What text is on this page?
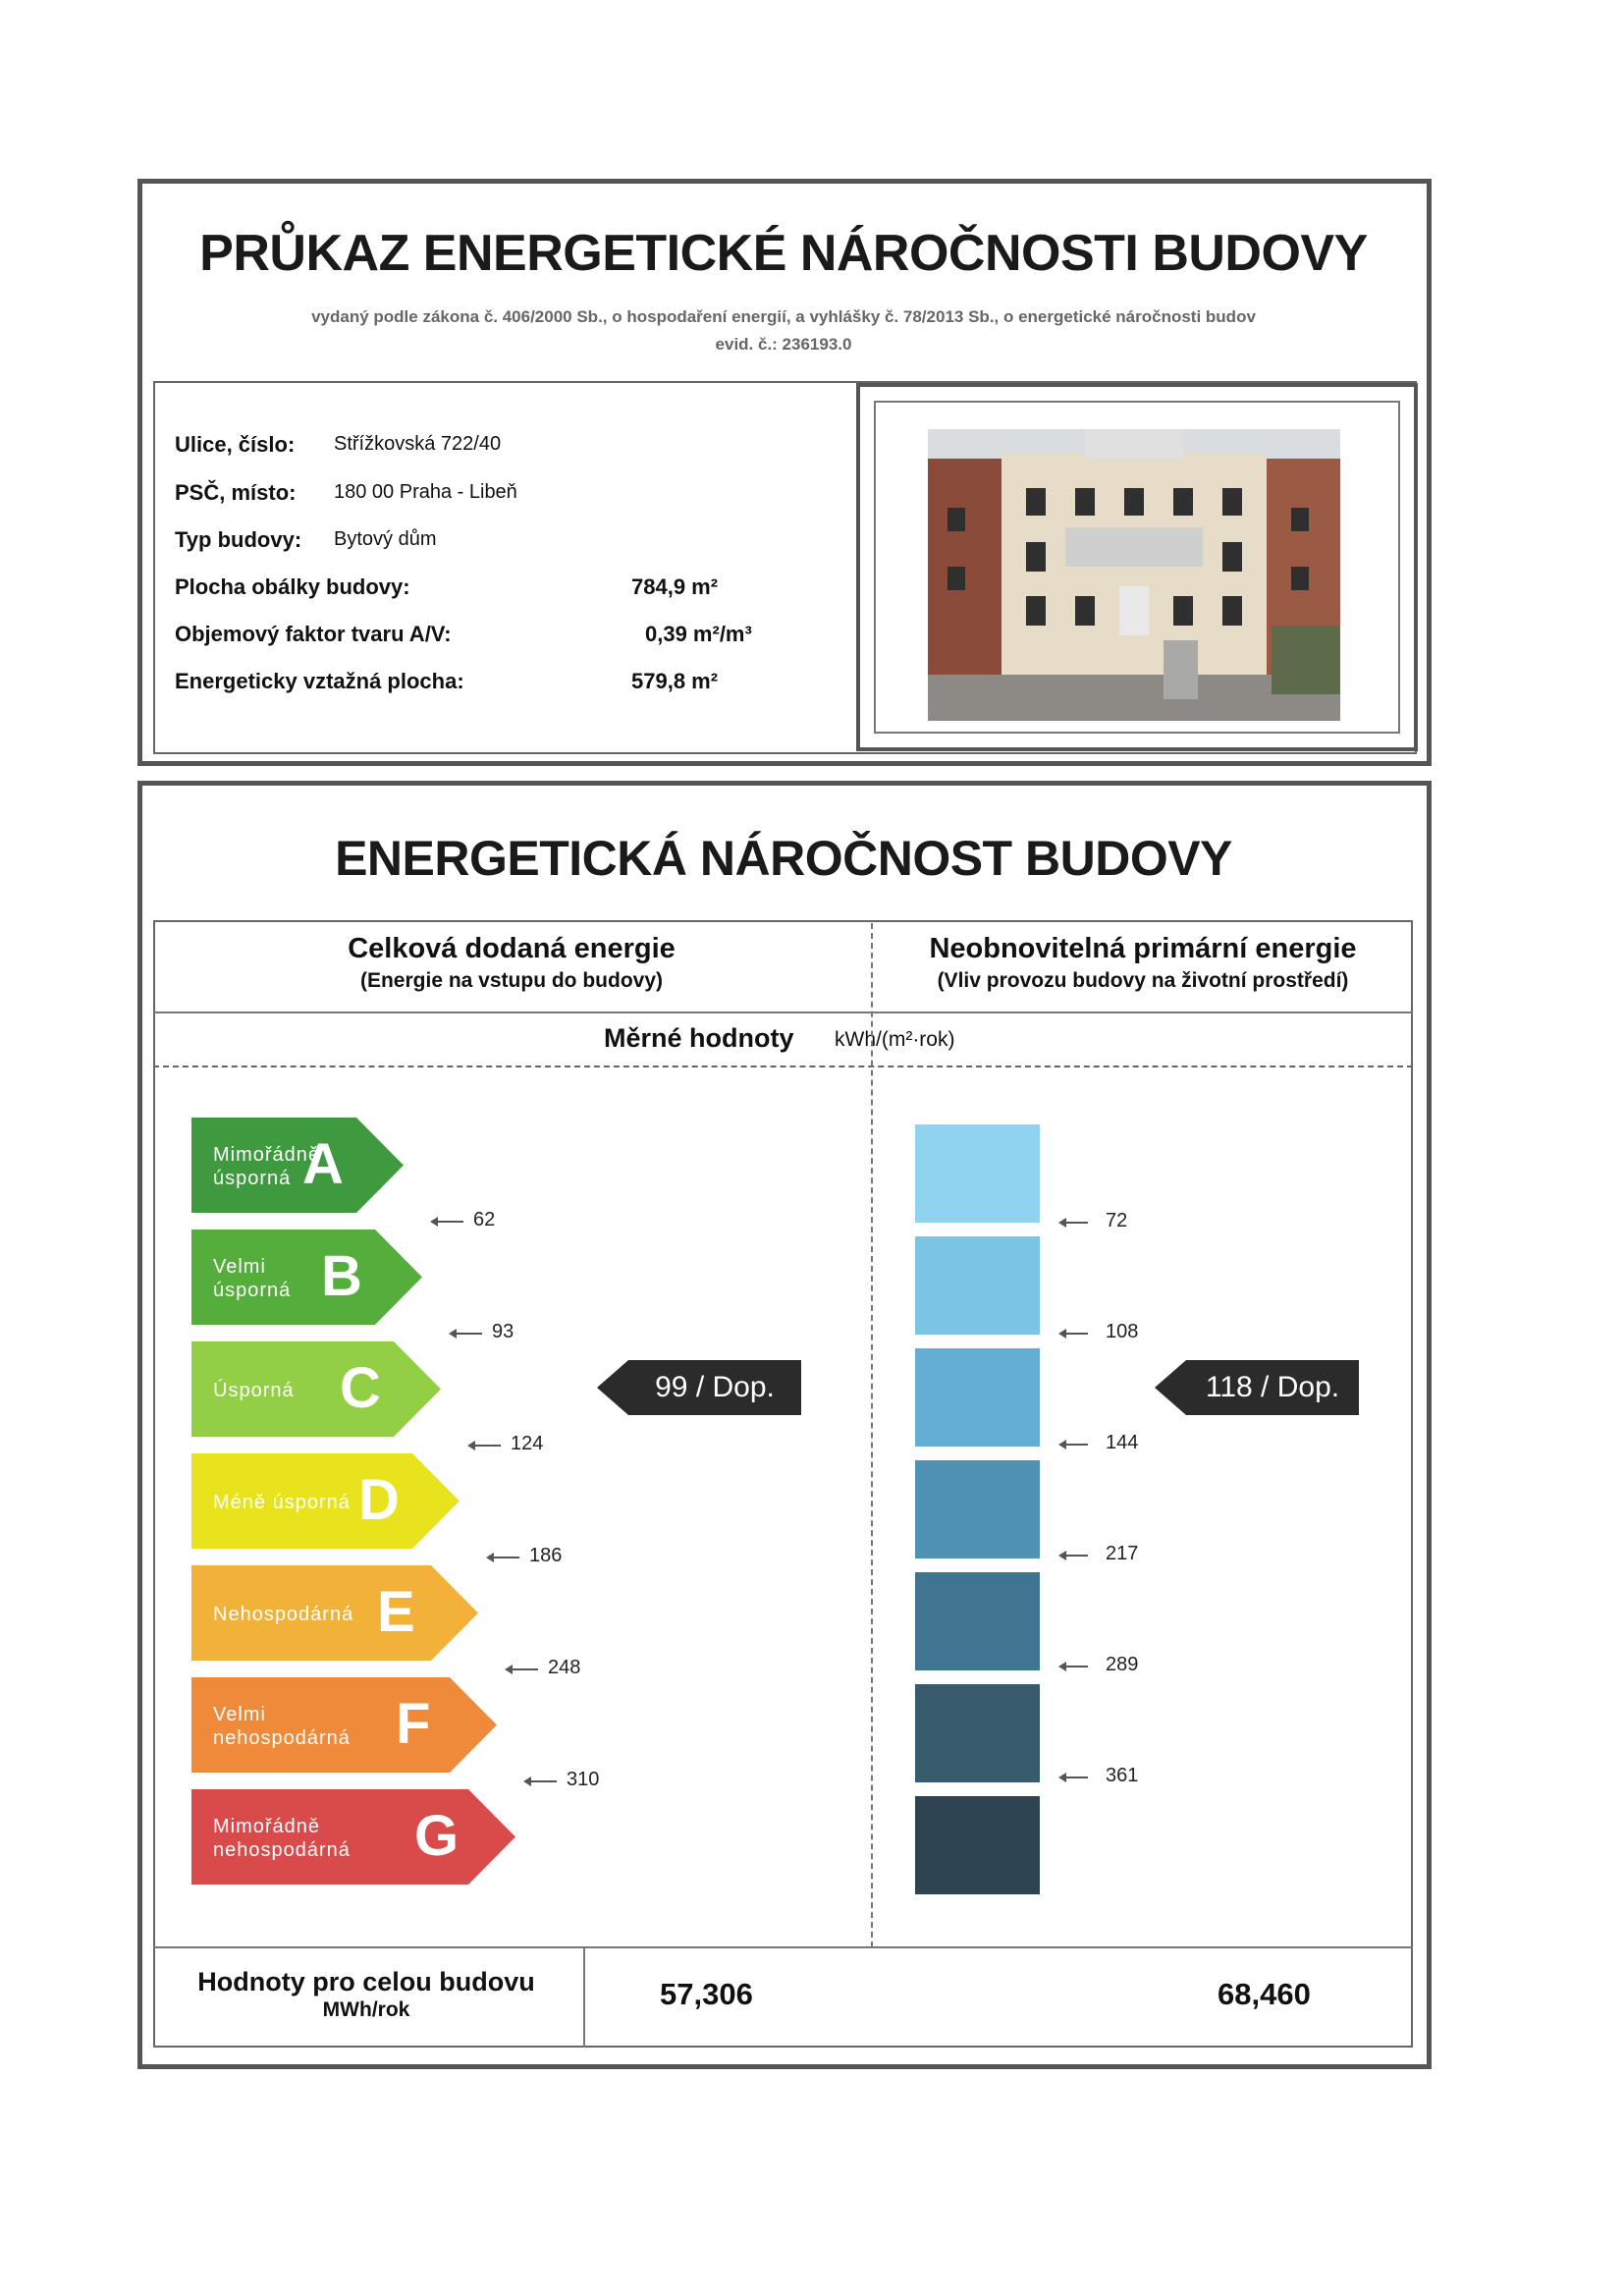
PRŮKAZ ENERGETICKÉ NÁROČNOSTI BUDOVY
vydaný podle zákona č. 406/2000 Sb., o hospodaření energií, a vyhlášky č. 78/2013 Sb., o energetické náročnosti budov
evid. č.: 236193.0
Ulice, číslo: Střížkovská 722/40
PSČ, místo: 180 00 Praha - Libeň
Typ budovy: Bytový dům
Plocha obálky budovy:	784,9 m²
Objemový faktor tvaru A/V:	0,39 m²/m³
Energeticky vztažná plocha:	579,8 m²
ENERGETICKÁ NÁROČNOST BUDOVY
Celková dodaná energie
(Energie na vstupu do budovy)
Neobnovitelná primární energie
(Vliv provozu budovy na životní prostředí)
Měrné hodnoty kWh/(m²·rok)
Mimořádně
úsporná A
Velmi
úsporná B
Úsporná C
Méně úsporná D
Nehospodárná E
Velmi
nehospodárná F
Mimořádně
nehospodárná G
62
93
124
186
248
310
72
108
144
217
289
361
99 / Dop.	118 / Dop.
Hodnoty pro celou budovu
MWh/rok	57,306	68,460
